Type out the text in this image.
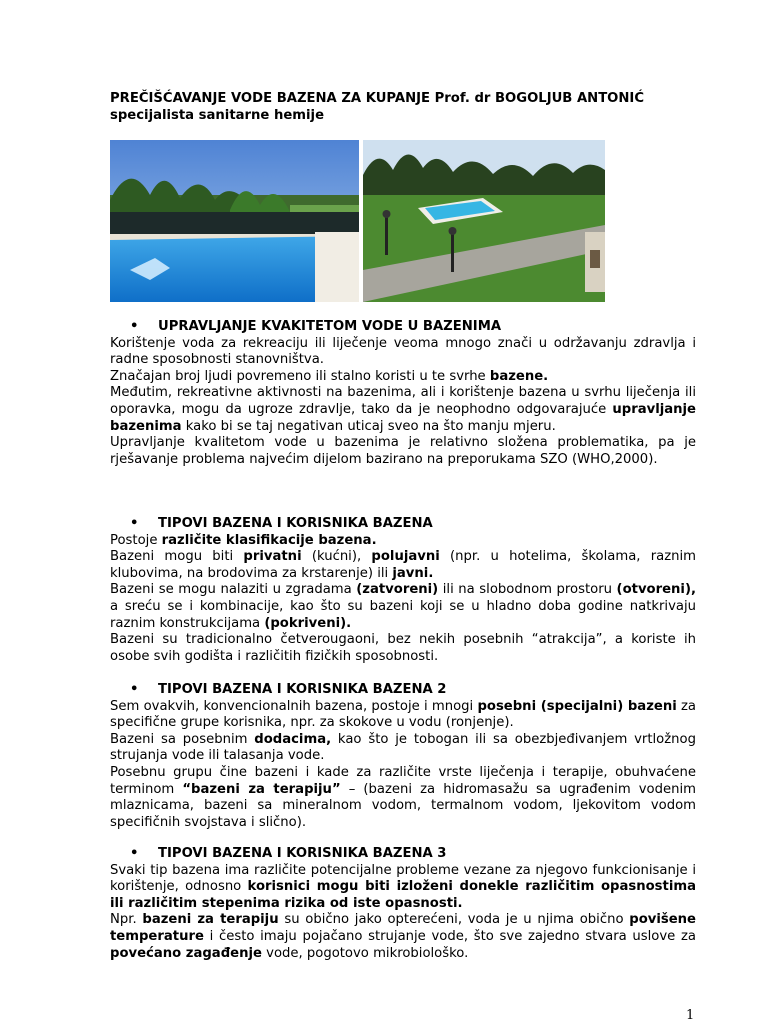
PREČIŠĆAVANJE VODE BAZENA ZA KUPANJE Prof. dr BOGOLJUB ANTONIĆ
specijalista sanitarne hemije
• UPRAVLJANJE KVAKITETOM VODE U BAZENIMA

Korištenje voda za rekreaciju ili liječenje veoma mnogo znači u održavanju zdravlja i radne sposobnosti stanovništva.

Značajan broj ljudi povremeno ili stalno koristi u te svrhe bazene.

Međutim, rekreativne aktivnosti na bazenima, ali i korištenje bazena u svrhu liječenja ili oporavka, mogu da ugroze zdravlje, tako da je neophodno odgovarajuće upravljanje bazenima kako bi se taj negativan uticaj sveo na što manju mjeru.

Upravljanje kvalitetom vode u bazenima je relativno složena problematika, pa je rješavanje problema najvećim dijelom bazirano na preporukama SZO (WHO,2000).

• TIPOVI BAZENA I KORISNIKA BAZENA

Postoje različite klasifikacije bazena.

Bazeni mogu biti privatni (kućni), polujavni (npr. u hotelima, školama, raznim klubovima, na brodovima za krstarenje) ili javni.

Bazeni se mogu nalaziti u zgradama (zatvoreni) ili na slobodnom prostoru (otvoreni), a sreću se i kombinacije, kao što su bazeni koji se u hladno doba godine natkrivaju raznim konstrukcijama (pokriveni).

Bazeni su tradicionalno četverougaoni, bez nekih posebnih “atrakcija”, a koriste ih osobe svih godišta i različitih fizičkih sposobnosti.

• TIPOVI BAZENA I KORISNIKA BAZENA 2

Sem ovakvih, konvencionalnih bazena, postoje i mnogi posebni (specijalni) bazeni za specifične grupe korisnika, npr. za skokove u vodu (ronjenje).

Bazeni sa posebnim dodacima, kao što je tobogan ili sa obezbjeđivanjem vrtložnog strujanja vode ili talasanja vode.

Posebnu grupu čine bazeni i kade za različite vrste liječenja i terapije, obuhvaćene terminom “bazeni za terapiju” – (bazeni za hidromasažu sa ugrađenim vodenim mlaznicama, bazeni sa mineralnom vodom, termalnom vodom, ljekovitom vodom specifičnih svojstava i slično).

• TIPOVI BAZENA I KORISNIKA BAZENA 3

Svaki tip bazena ima različite potencijalne probleme vezane za njegovo funkcionisanje i korištenje, odnosno korisnici mogu biti izloženi donekle različitim opasnostima ili različitim stepenima rizika od iste opasnosti.

Npr. bazeni za terapiju su obično jako opterećeni, voda je u njima obično povišene temperature i često imaju pojačano strujanje vode, što sve zajedno stvara uslove za povećano zagađenje vode, pogotovo mikrobiološko.

1
